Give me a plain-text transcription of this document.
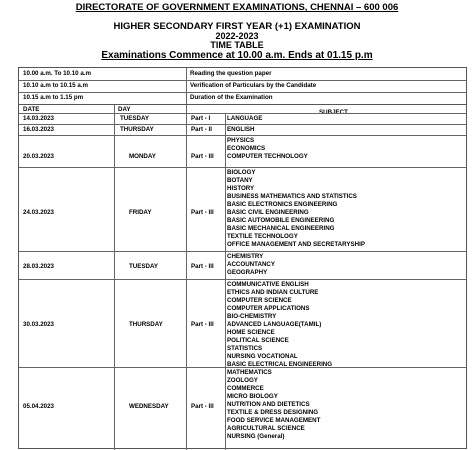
DIRECTORATE OF GOVERNMENT EXAMINATIONS, CHENNAI – 600 006
HIGHER SECONDARY FIRST YEAR (+1) EXAMINATION
2022-2023
TIME TABLE
Examinations Commence at 10.00 a.m. Ends at 01.15 p.m
10.00 a.m. To 10.10 a.m	Reading the question paper
10.10 a.m to 10.15 a.m	Verification of Particulars by the Candidate
10.15 a.m to 1.15 pm	Duration of the Examination
DATE	DAY	SUBJECT
14.03.2023	TUESDAY	Part - I	LANGUAGE
16.03.2023	THURSDAY	Part - II ENGLISH
20.03.2023	MONDAY	Part - III
PHYSICS
ECONOMICS
COMPUTER TECHNOLOGY
24.03.2023	FRIDAY	Part - III
BIOLOGY
BOTANY
HISTORY
BUSINESS MATHEMATICS AND STATISTICS
BASIC ELECTRONICS ENGINEERING
BASIC CIVIL ENGINEERING
BASIC AUTOMOBILE ENGINEERING
BASIC MECHANICAL ENGINEERING
TEXTILE TECHNOLOGY
OFFICE MANAGEMENT AND SECRETARYSHIP
28.03.2023	TUESDAY	Part - III
CHEMISTRY
ACCOUNTANCY
GEOGRAPHY
30.03.2023	THURSDAY	Part - III
COMMUNICATIVE ENGLISH
ETHICS AND INDIAN CULTURE
COMPUTER SCIENCE
COMPUTER APPLICATIONS
BIO-CHEMISTRY
ADVANCED LANGUAGE(TAMIL)
HOME SCIENCE
POLITICAL SCIENCE
STATISTICS
NURSING VOCATIONAL
BASIC ELECTRICAL ENGINEERING
05.04.2023	WEDNESDAY	Part - III
MATHEMATICS
ZOOLOGY
COMMERCE
MICRO BIOLOGY
NUTRITION AND DIETETICS
TEXTILE & DRESS DESIGNING
FOOD SERVICE MANAGEMENT
AGRICULTURAL SCIENCE
NURSING (General)
